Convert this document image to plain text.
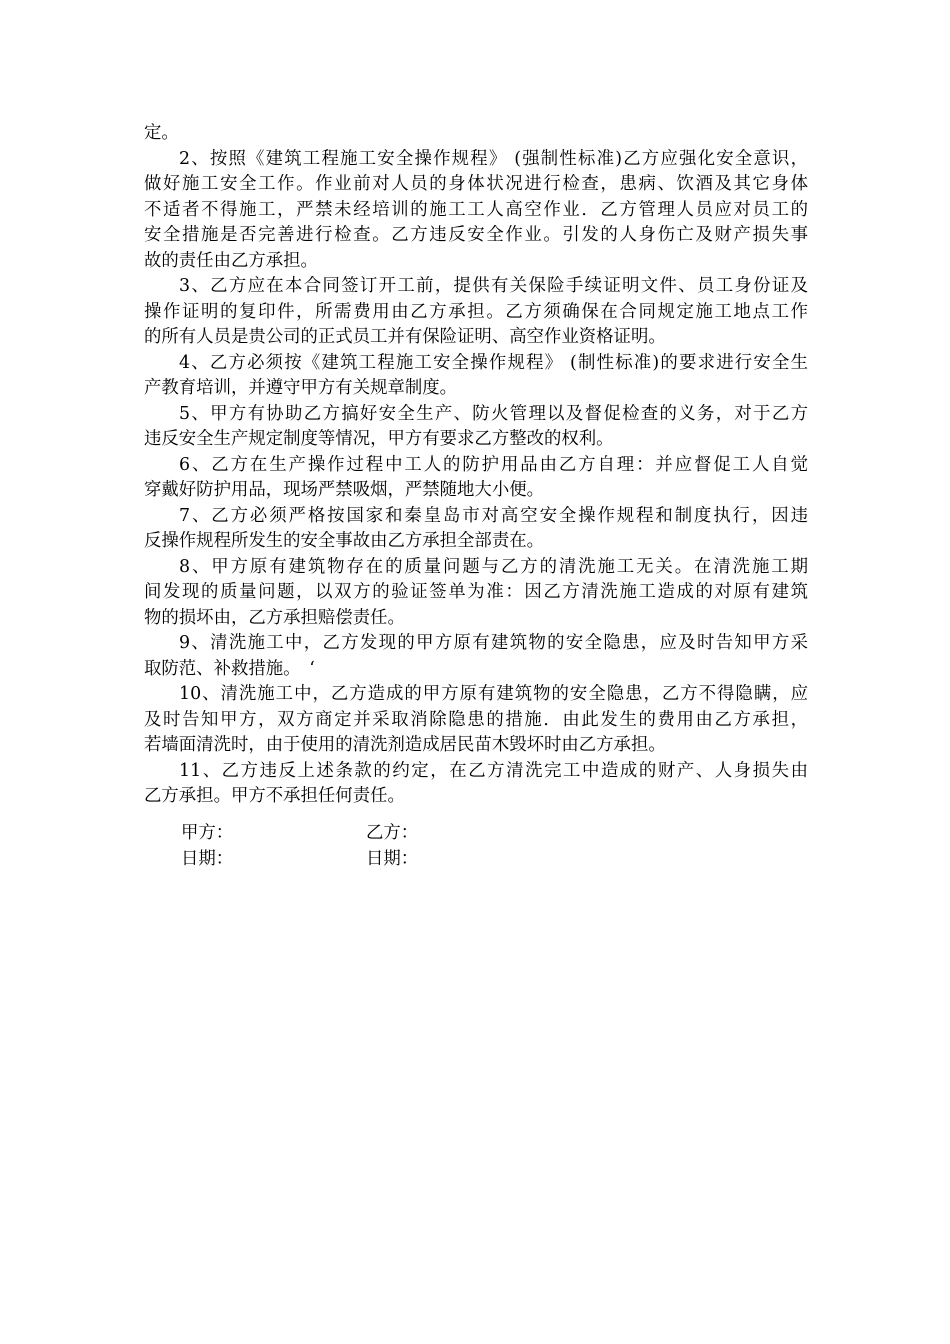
定。
2、按照《建筑工程施工安全操作规程》 (强制性标准)乙方应强化安全意识，
做好施工安全工作。作业前对人员的身体状况进行检查，患病、饮酒及其它身体
不适者不得施工，严禁未经培训的施工工人高空作业．乙方管理人员应对员工的
安全措施是否完善进行检查。乙方违反安全作业。引发的人身伤亡及财产损失事
故的责任由乙方承担。
3、乙方应在本合同签订开工前，提供有关保险手续证明文件、员工身份证及
操作证明的复印件，所需费用由乙方承担。乙方须确保在合同规定施工地点工作
的所有人员是贵公司的正式员工并有保险证明、高空作业资格证明。
4、乙方必须按《建筑工程施工安全操作规程》 (制性标准)的要求进行安全生
产教育培训，并遵守甲方有关规章制度。
5、甲方有协助乙方搞好安全生产、防火管理以及督促检查的义务，对于乙方
违反安全生产规定制度等情况，甲方有要求乙方整改的权利。
6、乙方在生产操作过程中工人的防护用品由乙方自理：并应督促工人自觉
穿戴好防护用品，现场严禁吸烟，严禁随地大小便。
7、乙方必须严格按国家和秦皇岛市对高空安全操作规程和制度执行，因违
反操作规程所发生的安全事故由乙方承担全部责在。
8、甲方原有建筑物存在的质量问题与乙方的清洗施工无关。在清洗施工期
间发现的质量问题，以双方的验证签单为准：因乙方清洗施工造成的对原有建筑
物的损坏由，乙方承担赔偿责任。
9、清洗施工中，乙方发现的甲方原有建筑物的安全隐患，应及时告知甲方采
取防范、补救措施。　‘
10、清洗施工中，乙方造成的甲方原有建筑物的安全隐患，乙方不得隐瞒，应
及时告知甲方，双方商定并采取消除隐患的措施．由此发生的费用由乙方承担，
若墙面清洗时，由于使用的清洗剂造成居民苗木毁坏时由乙方承担。
11、乙方违反上述条款的约定，在乙方清洗完工中造成的财产、人身损失由
乙方承担。甲方不承担任何责任。
甲方：	乙方：
日期：	日期：
